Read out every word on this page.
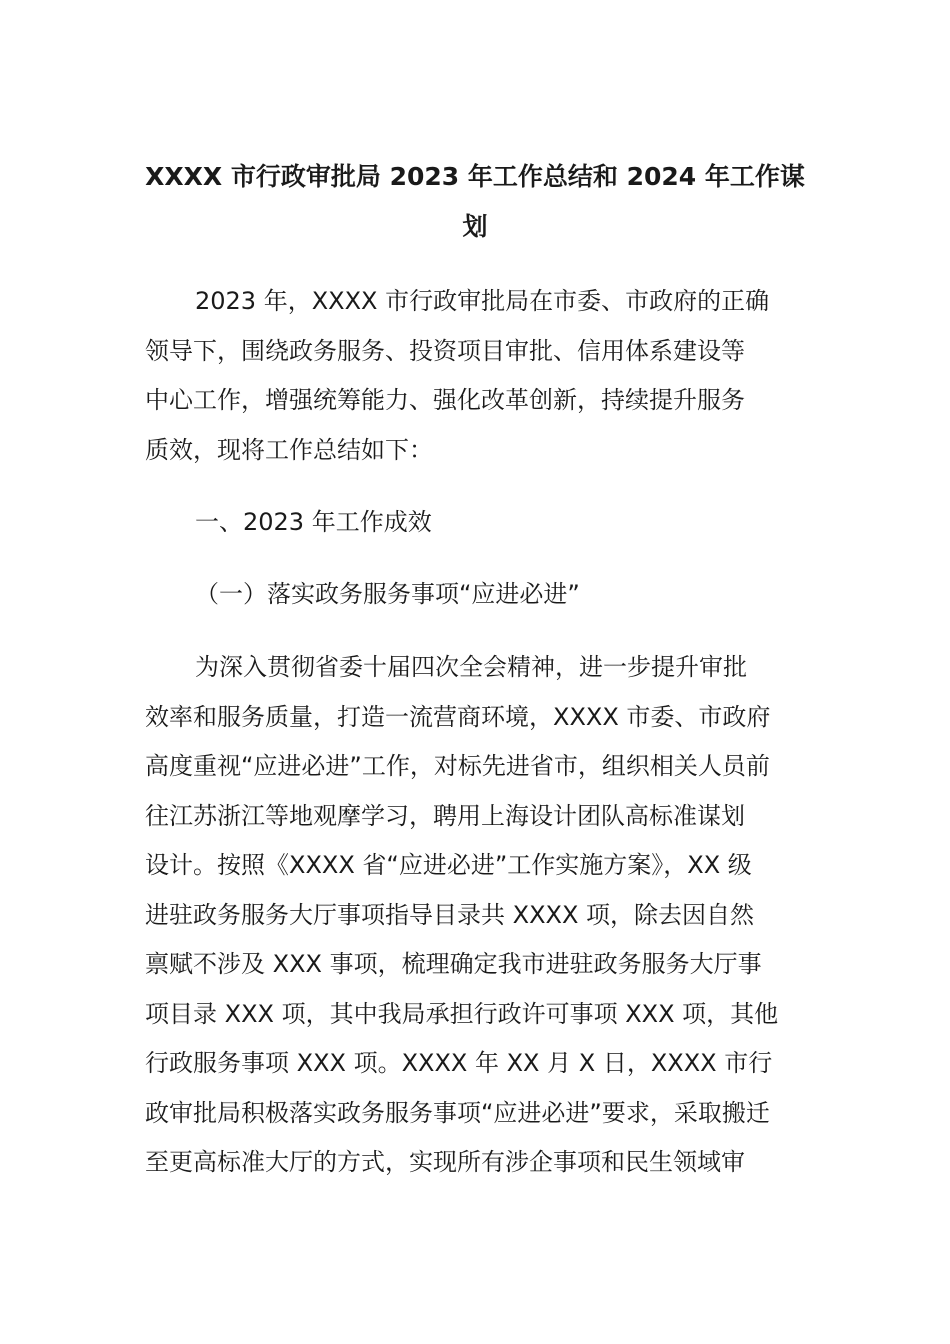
XXXX 市行政审批局 2023 年工作总结和 2024 年工作谋
划

2023 年，XXXX 市行政审批局在市委、市政府的正确
领导下，围绕政务服务、投资项目审批、信用体系建设等
中心工作，增强统筹能力、强化改革创新，持续提升服务
质效，现将工作总结如下：

一、2023 年工作成效

（一）落实政务服务事项“应进必进”

为深入贯彻省委十届四次全会精神，进一步提升审批
效率和服务质量，打造一流营商环境，XXXX 市委、市政府
高度重视“应进必进”工作，对标先进省市，组织相关人员前
往江苏浙江等地观摩学习，聘用上海设计团队高标准谋划
设计。按照《XXXX 省“应进必进”工作实施方案》，XX 级
进驻政务服务大厅事项指导目录共 XXXX 项，除去因自然
禀赋不涉及 XXX 事项，梳理确定我市进驻政务服务大厅事
项目录 XXX 项，其中我局承担行政许可事项 XXX 项，其他
行政服务事项 XXX 项。XXXX 年 XX 月 X 日，XXXX 市行
政审批局积极落实政务服务事项“应进必进”要求，采取搬迁
至更高标准大厅的方式，实现所有涉企事项和民生领域审
